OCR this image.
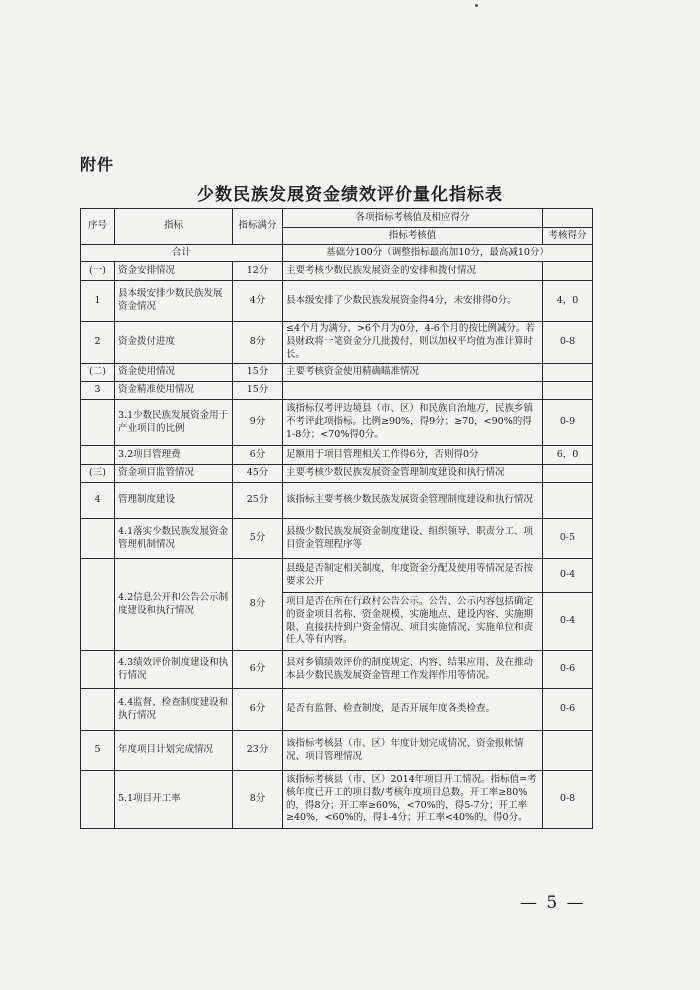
附件
少数民族发展资金绩效评价量化指标表
序号	指标	指标满分	各项指标考核值及相应得分	
			指标考核值	考核得分
合计			基础分100分（调整指标最高加10分，最高减10分）	
(一)	资金安排情况	12分	主要考核少数民族发展资金的安排和拨付情况	
1	县本级安排少数民族发展资金情况	4分	县本级安排了少数民族发展资金得4分，未安排得0分。	4，0
2	资金拨付进度	8分	≤4个月为满分，>6个月为0分，4-6个月的按比例减分。若县财政将一笔资金分几批拨付，则以加权平均值为准计算时长。	0-8
(二)	资金使用情况	15分	主要考核资金使用精确瞄准情况	
3	资金精准使用情况	15分		
	3.1少数民族发展资金用于产业项目的比例	9分	该指标仅考评边境县（市、区）和民族自治地方，民族乡镇不考评此项指标。比例≥90%，得9分；≥70，<90%的得1-8分；<70%得0分。	0-9
	3.2项目管理费	6分	足额用于项目管理相关工作得6分，否则得0分	6，0
(三)	资金项目监管情况	45分	主要考核少数民族发展资金管理制度建设和执行情况	
4	管理制度建设	25分	该指标主要考核少数民族发展资金管理制度建设和执行情况	
	4.1落实少数民族发展资金管理机制情况	5分	县级少数民族发展资金制度建设、组织领导、职责分工、项目资金管理程序等	0-5
	4.2信息公开和公告公示制度建设和执行情况	8分	县级是否制定相关制度，年度资金分配及使用等情况是否按要求公开	0-4
			项目是否在所在行政村公告公示。公告、公示内容包括确定的资金项目名称、资金规模、实施地点、建设内容、实施期限、直接扶持到户资金情况、项目实施情况、实施单位和责任人等有内容。	0-4
	4.3绩效评价制度建设和执行情况	6分	县对乡镇绩效评价的制度规定、内容、结果应用、及在推动本县少数民族发展资金管理工作发挥作用等情况。	0-6
	4.4监督、检查制度建设和执行情况	6分	是否有监督、检查制度，是否开展年度各类检查。	0-6
5	年度项目计划完成情况	23分	该指标考核县（市、区）年度计划完成情况、资金报帐情况、项目管理情况	
	5.1项目开工率	8分	该指标考核县（市、区）2014年项目开工情况。指标值=考核年度已开工的项目数/考核年度项目总数。开工率≥80%的，得8分；开工率≥60%，<70%的，得5-7分；开工率≥40%，<60%的，得1-4分；开工率<40%的，得0分。	0-8
— 5 —
